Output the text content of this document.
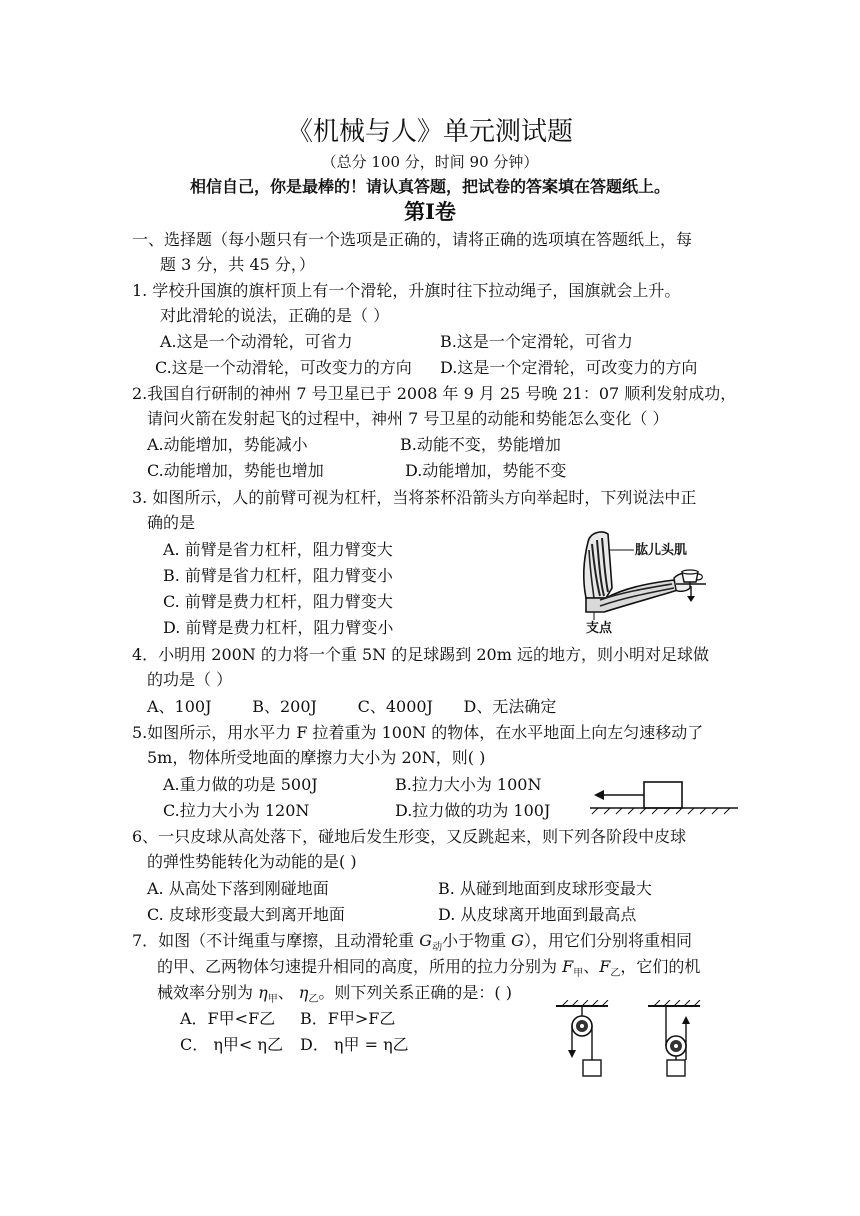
《机械与人》单元测试题
（总分 100 分，时间 90 分钟）
相信自己，你是最棒的！请认真答题，把试卷的答案填在答题纸上。
第Ⅰ卷
一、选择题（每小题只有一个选项是正确的，请将正确的选项填在答题纸上，每
题 3 分，共 45 分，）
1. 学校升国旗的旗杆顶上有一个滑轮，升旗时往下拉动绳子，国旗就会上升。
对此滑轮的说法，正确的是（ ）
A.这是一个动滑轮，可省力	B.这是一个定滑轮，可省力
C.这是一个动滑轮，可改变力的方向 D.这是一个定滑轮，可改变力的方向
2.我国自行研制的神州 7 号卫星已于 2008 年 9 月 25 号晚 21：07 顺利发射成功，
请问火箭在发射起飞的过程中，神州 7 号卫星的动能和势能怎么变化（ ）
A.动能增加，势能减小	B.动能不变，势能增加
C.动能增加，势能也增加	D.动能增加，势能不变
3. 如图所示，人的前臂可视为杠杆，当将茶杯沿箭头方向举起时，下列说法中正
确的是
A. 前臂是省力杠杆，阻力臂变大
B. 前臂是省力杠杆，阻力臂变小
C. 前臂是费力杠杆，阻力臂变大
D. 前臂是费力杠杆，阻力臂变小
肱儿头肌
支点
4．小明用 200N 的力将一个重 5N 的足球踢到 20m 远的地方，则小明对足球做
的功是（ ）
A、100J        B、200J        C、4000J      D、无法确定
5.如图所示，用水平力 F 拉着重为 100N 的物体，在水平地面上向左匀速移动了
5m，物体所受地面的摩擦力大小为 20N，则( )
A.重力做的功是 500J	B.拉力大小为 100N
C.拉力大小为 120N	D.拉力做的功为 100J
6、一只皮球从高处落下，碰地后发生形变，又反跳起来，则下列各阶段中皮球
的弹性势能转化为动能的是( )
A. 从高处下落到刚碰地面	B. 从碰到地面到皮球形变最大
C. 皮球形变最大到离开地面	D. 从皮球离开地面到最高点
7．如图（不计绳重与摩擦，且动滑轮重 $G_动$小于物重 G），用它们分别将重相同
的甲、乙两物体匀速提升相同的高度，所用的拉力分别为 $F_甲$、$F_乙$，它们的机
械效率分别为 $\eta_甲$、 $\eta_乙$。则下列关系正确的是：( )
A．F甲<F乙 B．F甲>F乙
C． η甲< η乙 D． η甲 = η乙
